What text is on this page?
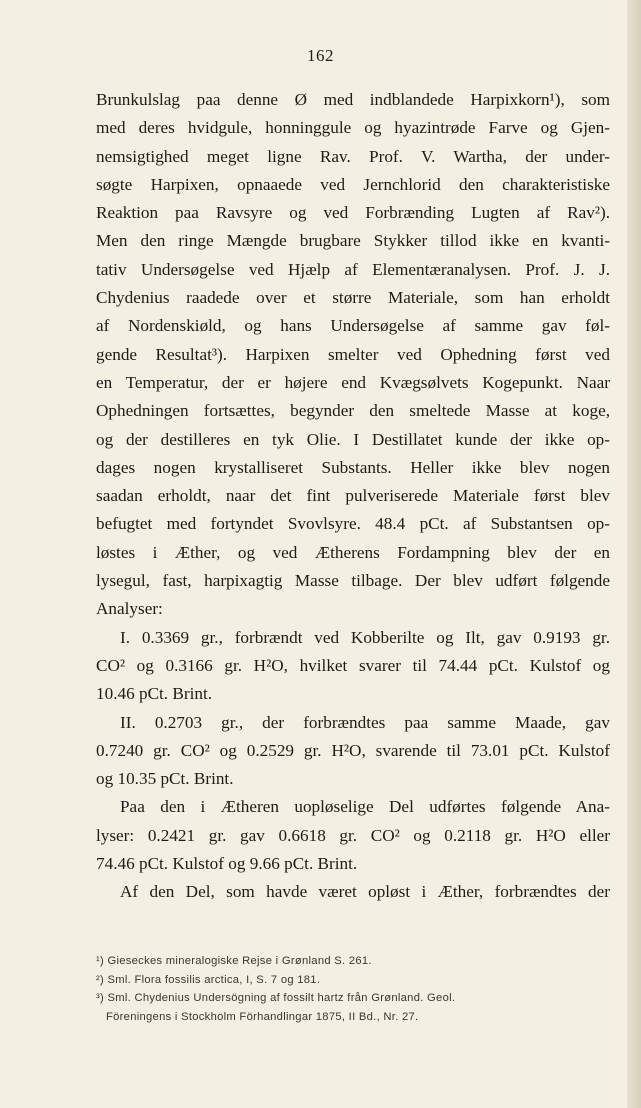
162
Brunkulslag paa denne Ø med indblandede Harpixkorn¹), som
med deres hvidgule, honninggule og hyazintrøde Farve og Gjen-
nemsigtighed meget ligne Rav. Prof. V. Wartha, der under-
søgte Harpixen, opnaaede ved Jernchlorid den charakteristiske
Reaktion paa Ravsyre og ved Forbrænding Lugten af Rav²).
Men den ringe Mængde brugbare Stykker tillod ikke en kvanti-
tativ Undersøgelse ved Hjælp af Elementæranalysen. Prof. J. J.
Chydenius raadede over et større Materiale, som han erholdt
af Nordenskiøld, og hans Undersøgelse af samme gav føl-
gende Resultat³). Harpixen smelter ved Ophedning først ved
en Temperatur, der er højere end Kvægsølvets Kogepunkt. Naar
Ophedningen fortsættes, begynder den smeltede Masse at koge,
og der destilleres en tyk Olie. I Destillatet kunde der ikke op-
dages nogen krystalliseret Substants. Heller ikke blev nogen
saadan erholdt, naar det fint pulveriserede Materiale først blev
befugtet med fortyndet Svovlsyre. 48.4 pCt. af Substantsen op-
løstes i Æther, og ved Ætherens Fordampning blev der en
lysegul, fast, harpixagtig Masse tilbage. Der blev udført følgende
Analyser:
I. 0.3369 gr., forbrændt ved Kobberilte og Ilt, gav 0.9193 gr.
CO² og 0.3166 gr. H²O, hvilket svarer til 74.44 pCt. Kulstof og
10.46 pCt. Brint.
II. 0.2703 gr., der forbrændtes paa samme Maade, gav
0.7240 gr. CO² og 0.2529 gr. H²O, svarende til 73.01 pCt. Kulstof
og 10.35 pCt. Brint.
Paa den i Ætheren uopløselige Del udførtes følgende Ana-
lyser: 0.2421 gr. gav 0.6618 gr. CO² og 0.2118 gr. H²O eller
74.46 pCt. Kulstof og 9.66 pCt. Brint.
Af den Del, som havde været opløst i Æther, forbrændtes der
¹) Gieseckes mineralogiske Rejse i Grønland S. 261.
²) Sml. Flora fossilis arctica, I, S. 7 og 181.
³) Sml. Chydenius Undersögning af fossilt hartz från Grønland. Geol.
Föreningens i Stockholm Förhandlingar 1875, II Bd., Nr. 27.
